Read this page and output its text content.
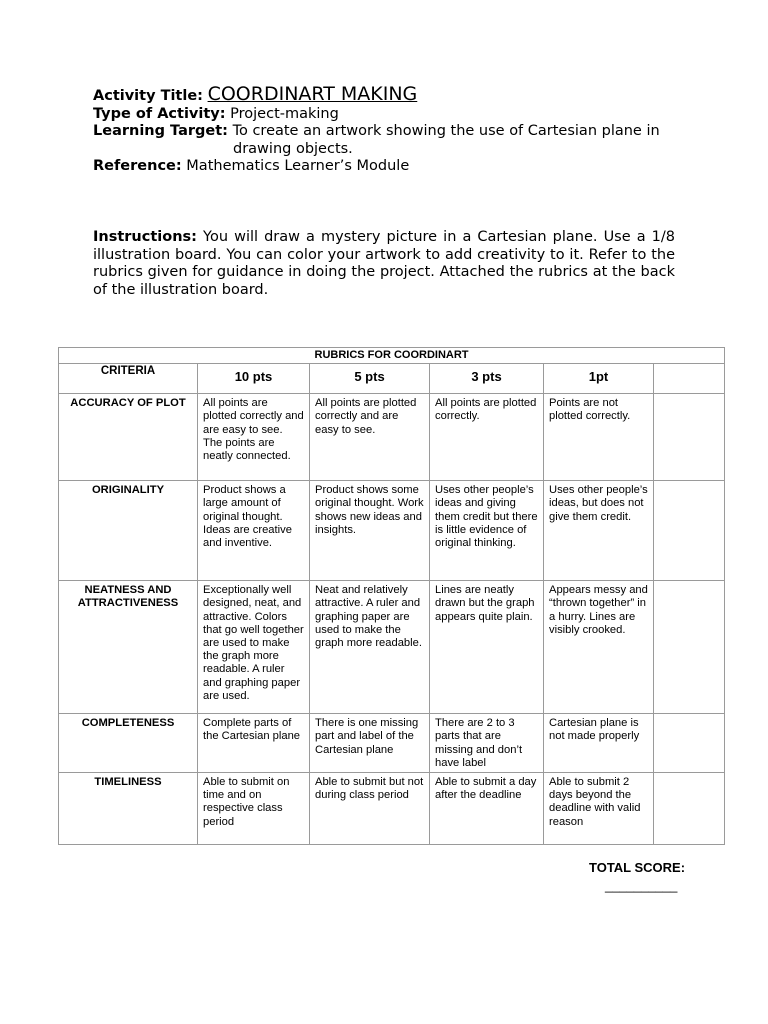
Activity Title: COORDINART MAKING
Type of Activity: Project-making
Learning Target: To create an artwork showing the use of Cartesian plane in
drawing objects.
Reference: Mathematics Learner’s Module
Instructions: You will draw a mystery picture in a Cartesian plane. Use a 1/8 illustration board. You can color your artwork to add creativity to it. Refer to the rubrics given for guidance in doing the project. Attached the rubrics at the back of the illustration board.
RUBRICS FOR COORDINART					
CRITERIA	10 pts	5 pts	3 pts	1pt	
ACCURACY OF PLOT	All points are plotted correctly and are easy to see. The points are neatly connected.	All points are plotted correctly and are easy to see.	All points are plotted correctly.	Points are not plotted correctly.	
ORIGINALITY	Product shows a large amount of original thought. Ideas are creative and inventive.	Product shows some original thought. Work shows new ideas and insights.	Uses other people’s ideas and giving them credit but there is little evidence of original thinking.	Uses other people’s ideas, but does not give them credit.	
NEATNESS AND ATTRACTIVENESS	Exceptionally well designed, neat, and attractive. Colors that go well together are used to make the graph more readable. A ruler and graphing paper are used.	Neat and relatively attractive. A ruler and graphing paper are used to make the graph more readable.	Lines are neatly drawn but the graph appears quite plain.	Appears messy and “thrown together” in a hurry. Lines are visibly crooked.	
COMPLETENESS	Complete parts of the Cartesian plane	There is one missing part and label of the Cartesian plane	There are 2 to 3 parts that are missing and don’t have label	Cartesian plane is not made properly	
TIMELINESS	Able to submit on time and on respective class period	Able to submit but not during class period	Able to submit a day after the deadline	Able to submit 2 days beyond the deadline with valid reason	
TOTAL SCORE:
__________
